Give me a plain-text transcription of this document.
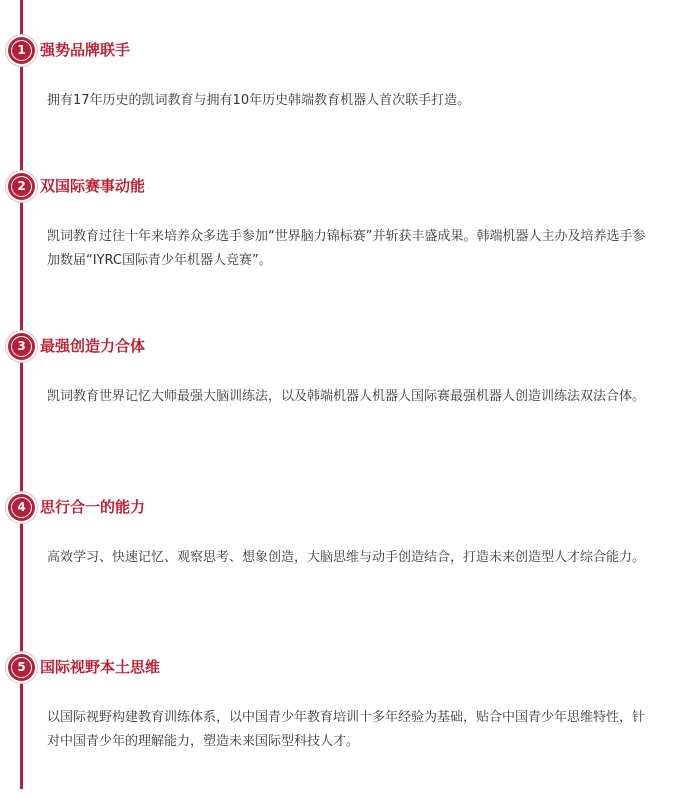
1 强势品牌联手

拥有17年历史的凯词教育与拥有10年历史韩端教育机器人首次联手打造。

2 双国际赛事动能

凯词教育过往十年来培养众多选手参加“世界脑力锦标赛”并斩获丰盛成果。韩端机器人主办及培养选手参加数届“IYRC国际青少年机器人竞赛”。

3 最强创造力合体

凯词教育世界记忆大师最强大脑训练法，以及韩端机器人机器人国际赛最强机器人创造训练法双法合体。

4 思行合一的能力

高效学习、快速记忆、观察思考、想象创造，大脑思维与动手创造结合，打造未来创造型人才综合能力。

5 国际视野本土思维

以国际视野构建教育训练体系，以中国青少年教育培训十多年经验为基础，贴合中国青少年思维特性，针对中国青少年的理解能力，塑造未来国际型科技人才。
